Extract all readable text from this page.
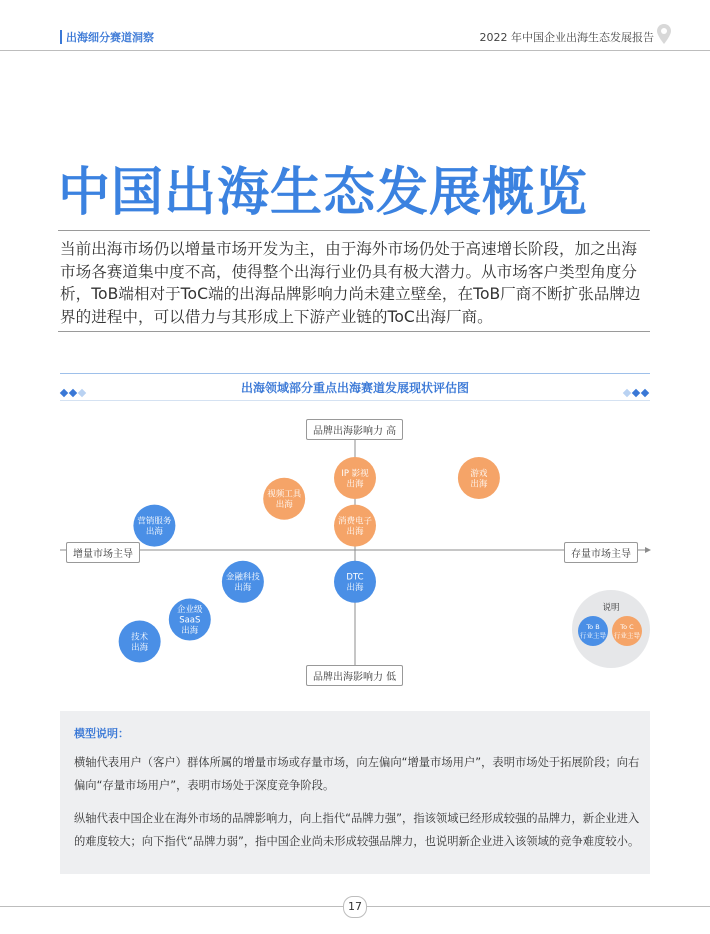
出海细分赛道洞察	2022 年中国企业出海生态发展报告
中国出海生态发展概览
当前出海市场仍以增量市场开发为主，由于海外市场仍处于高速增长阶段，加之出海市场各赛道集中度不高，使得整个出海行业仍具有极大潜力。从市场客户类型角度分析，ToB端相对于ToC端的出海品牌影响力尚未建立壁垒，在ToB厂商不断扩张品牌边界的进程中，可以借力与其形成上下游产业链的ToC出海厂商。
出海领域部分重点出海赛道发展现状评估图
IP 影视出海
游戏出海
视频工具出海
消费电子出海
营销服务出海
金融科技出海
DTC 出海
企业级 SaaS 出海
技术出海
说明
To B 行业主导
To C 行业主导
品牌出海影响力 高
品牌出海影响力 低
增量市场主导	存量市场主导
模型说明：
横轴代表用户（客户）群体所属的增量市场或存量市场，向左偏向“增量市场用户”，表明市场处于拓展阶段；向右偏向“存量市场用户”，表明市场处于深度竞争阶段。
纵轴代表中国企业在海外市场的品牌影响力，向上指代“品牌力强”，指该领域已经形成较强的品牌力，新企业进入的难度较大；向下指代“品牌力弱”，指中国企业尚未形成较强品牌力，也说明新企业进入该领域的竞争难度较小。
17
